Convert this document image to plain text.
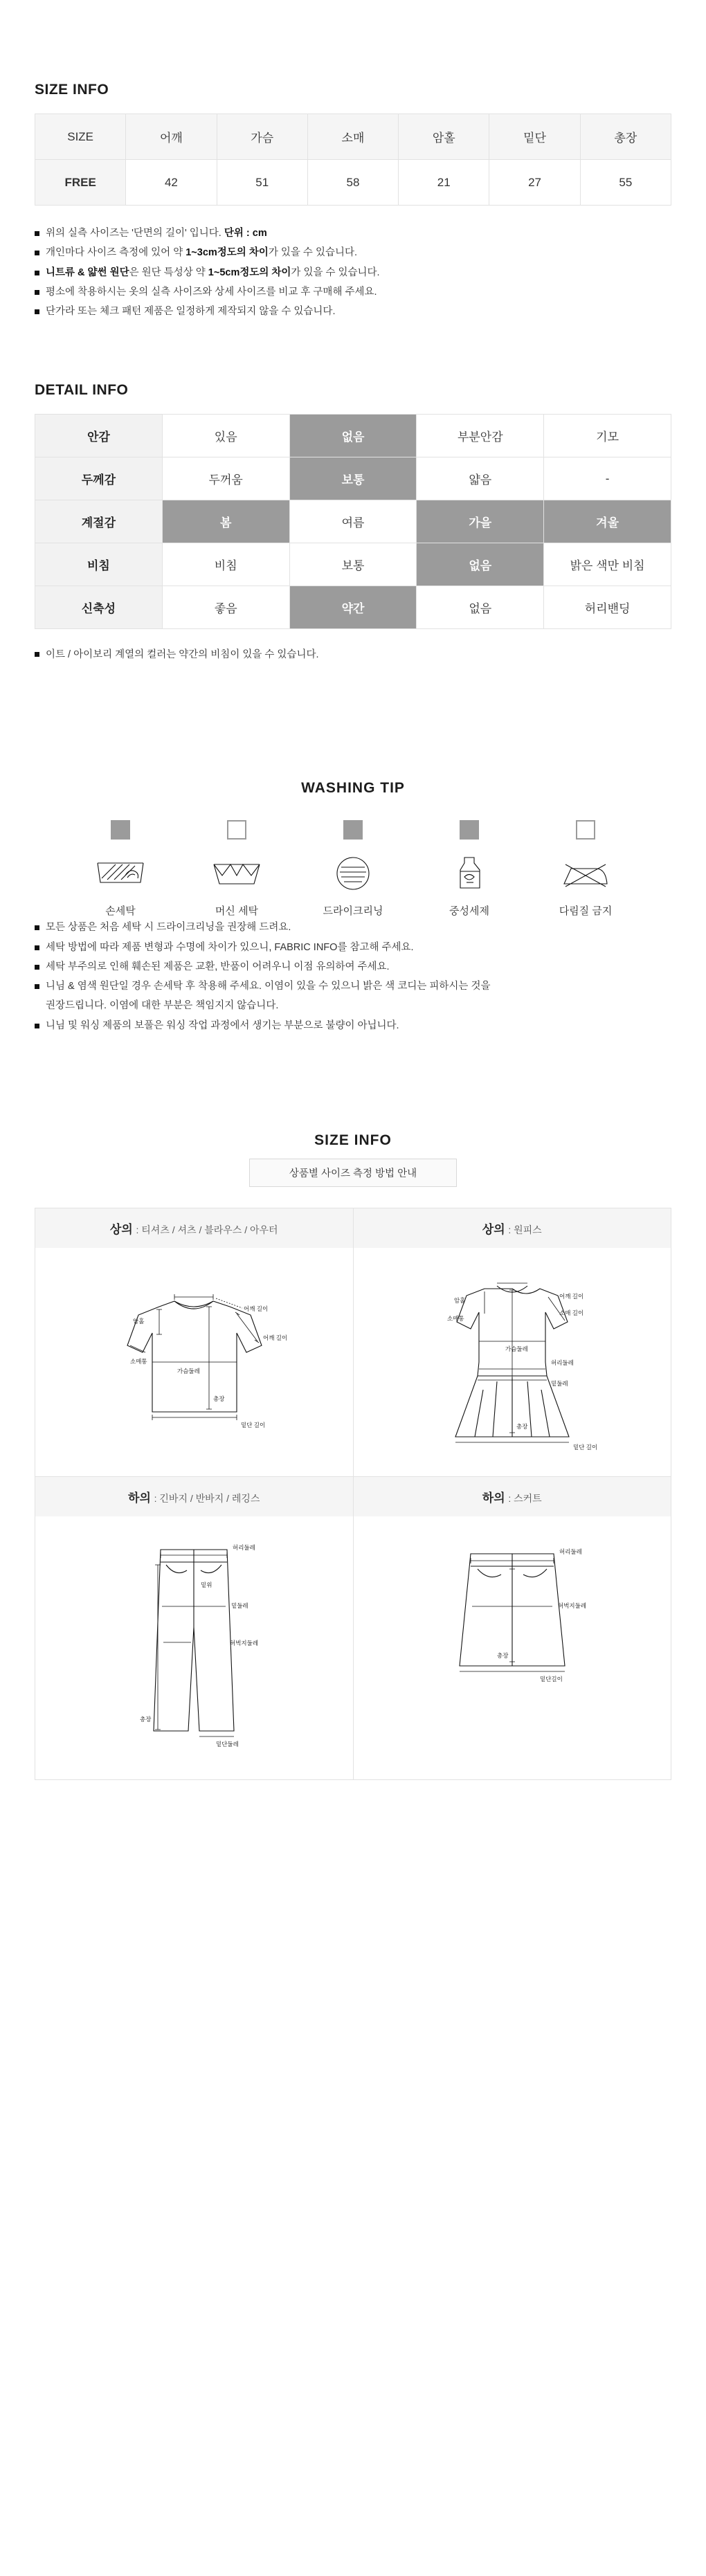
SIZE INFO
SIZE	어깨	가슴	소매	암홀	밑단	총장
FREE	42	51	58	21	27	55
위의 실측 사이즈는 '단면의 길이' 입니다. 단위 : cm
개인마다 사이즈 측정에 있어 약 1~3cm정도의 차이가 있을 수 있습니다.
니트류 & 얇썬 원단은 원단 특성상 약 1~5cm정도의 차이가 있을 수 있습니다.
평소에 착용하시는 옷의 실측 사이즈와 상세 사이즈를 비교 후 구매해 주세요.
단가라 또는 체크 패턴 제품은 일정하게 제작되지 않을 수 있습니다.
DETAIL INFO
안감	있음	없음	부분안감	기모
두께감	두꺼움	보통	얇음	-
계절감	봄	여름	가을	겨울
비침	비침	보통	없음	밝은 색만 비침
신축성	좋음	약간	없음	허리밴딩
이트 / 아이보리 계열의 컬러는 약간의 비침이 있을 수 있습니다.
WASHING TIP
손세탁	머신 세탁	드라이크리닝	중성세제	다림질 금지
모든 상품은 처음 세탁 시 드라이크리닝을 권장해 드려요.
세탁 방법에 따라 제품 변형과 수명에 차이가 있으니, FABRIC INFO를 참고해 주세요.
세탁 부주의로 인해 훼손된 제품은 교환, 반품이 어려우니 이점 유의하여 주세요.
니님 & 염색 원단일 경우 손세탁 후 착용해 주세요. 이염이 있을 수 있으니 밝은 색 코디는 피하시는 것을
권장드립니다. 이염에 대한 부분은 책임지지 않습니다.
니님 및 워싱 제품의 보풀은 워싱 작업 과정에서 생기는 부분으로 불량이 아닙니다.
SIZE INFO
상품별 사이즈 측정 방법 안내
상의 : 티셔츠 / 셔츠 / 블라우스 / 아우터
암홀
어깨 길이
어깨 길이
소매통
가슴둘레
총장
밑단 길이
상의 : 원피스
암홀
어깨 길이
소매 길이
소매통
가슴둘레
허리둘레
밑둘레
총장
밑단 길이
하의 : 긴바지 / 반바지 / 레깅스
허리둘레
밑위
밑둘레
허벅지둘레
총장
밑단둘레
하의 : 스커트
허리둘레
허벅지둘레
총장
밑단길이
